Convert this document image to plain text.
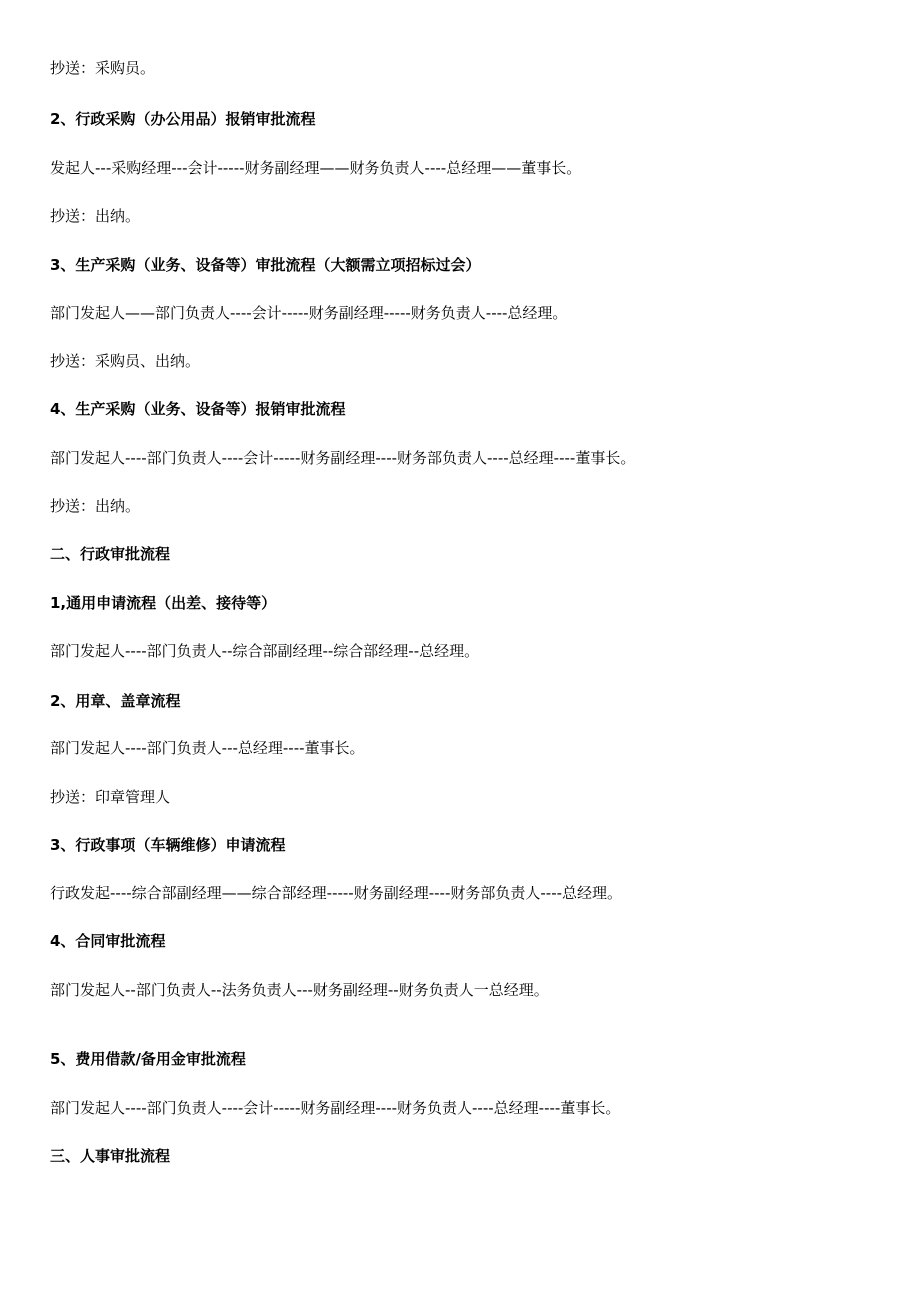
抄送：采购员。
2、行政采购（办公用品）报销审批流程
发起人---采购经理---会计-----财务副经理——财务负责人----总经理——董事长。
抄送：出纳。
3、生产采购（业务、设备等）审批流程（大额需立项招标过会）
部门发起人——部门负责人----会计-----财务副经理-----财务负责人----总经理。
抄送：采购员、出纳。
4、生产采购（业务、设备等）报销审批流程
部门发起人----部门负责人----会计-----财务副经理----财务部负责人----总经理----董事长。
抄送：出纳。
二、行政审批流程
1,通用申请流程（出差、接待等）
部门发起人----部门负责人--综合部副经理--综合部经理--总经理。
2、用章、盖章流程
部门发起人----部门负责人---总经理----董事长。
抄送：印章管理人
3、行政事项（车辆维修）申请流程
行政发起----综合部副经理——综合部经理-----财务副经理----财务部负责人----总经理。
4、合同审批流程
部门发起人--部门负责人--法务负责人---财务副经理--财务负责人一总经理。
5、费用借款/备用金审批流程
部门发起人----部门负责人----会计-----财务副经理----财务负责人----总经理----董事长。
三、人事审批流程
